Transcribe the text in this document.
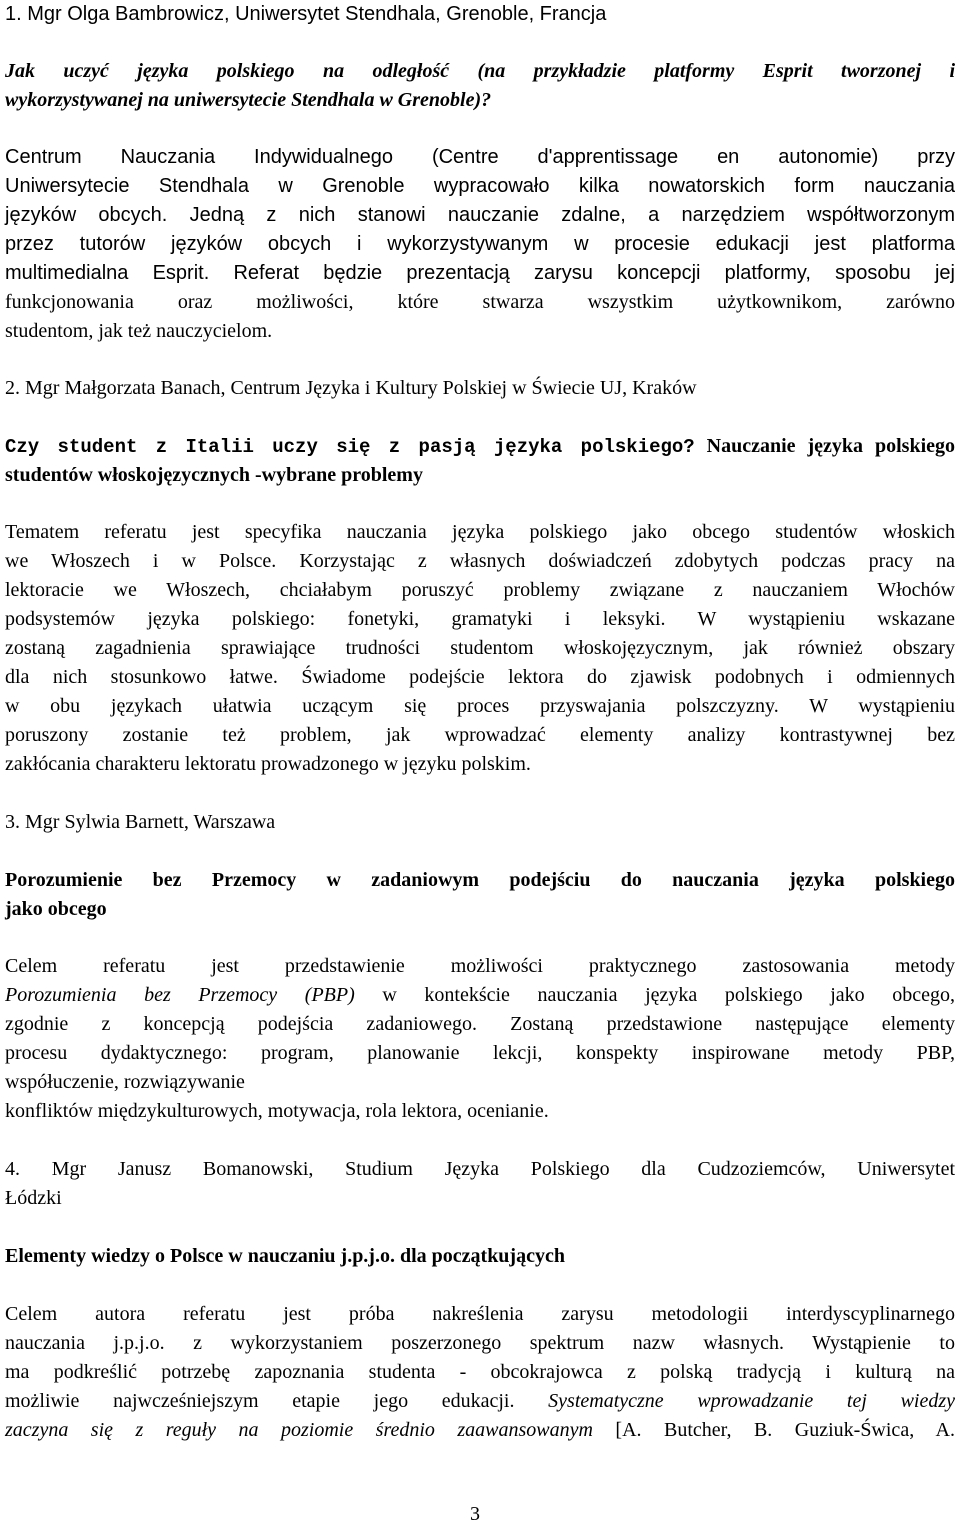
1. Mgr Olga Bambrowicz, Uniwersytet Stendhala, Grenoble, Francja
Jak uczyć języka polskiego na odległość (na przykładzie platformy Esprit tworzonej i
wykorzystywanej na uniwersytecie Stendhala w Grenoble)?
Centrum Nauczania Indywidualnego (Centre d'apprentissage en autonomie) przy
Uniwersytecie Stendhala w Grenoble wypracowało kilka nowatorskich form nauczania
języków obcych. Jedną z nich stanowi nauczanie zdalne, a narzędziem współtworzonym
przez tutorów języków obcych i wykorzystywanym w procesie edukacji jest platforma
multimedialna Esprit. Referat będzie prezentacją zarysu koncepcji platformy, sposobu jej
funkcjonowania oraz możliwości, które stwarza wszystkim użytkownikom, zarówno
studentom, jak też nauczycielom.
2. Mgr Małgorzata Banach, Centrum Języka i Kultury Polskiej w Świecie UJ, Kraków
Czy student z Italii uczy się z pasją języka polskiego? Nauczanie języka polskiego
studentów włoskojęzycznych -wybrane problemy
Tematem referatu jest specyfika nauczania języka polskiego jako obcego studentów włoskich
we Włoszech i w Polsce. Korzystając z własnych doświadczeń zdobytych podczas pracy na
lektoracie we Włoszech, chciałabym poruszyć problemy związane z nauczaniem Włochów
podsystemów języka polskiego: fonetyki, gramatyki i leksyki. W wystąpieniu wskazane
zostaną zagadnienia sprawiające trudności studentom włoskojęzycznym, jak również obszary
dla nich stosunkowo łatwe. Świadome podejście lektora do zjawisk podobnych i odmiennych
w obu językach ułatwia uczącym się proces przyswajania polszczyzny. W wystąpieniu
poruszony zostanie też problem, jak wprowadzać elementy analizy kontrastywnej bez
zakłócania charakteru lektoratu prowadzonego w języku polskim.
3. Mgr Sylwia Barnett, Warszawa
Porozumienie bez Przemocy w zadaniowym podejściu do nauczania języka polskiego
jako obcego
Celem referatu jest przedstawienie możliwości praktycznego zastosowania metody
Porozumienia bez Przemocy (PBP) w kontekście nauczania języka polskiego jako obcego,
zgodnie z koncepcją podejścia zadaniowego. Zostaną przedstawione następujące elementy
procesu dydaktycznego: program, planowanie lekcji, konspekty inspirowane metody PBP,
współuczenie, rozwiązywanie
konfliktów międzykulturowych, motywacja, rola lektora, ocenianie.
4. Mgr Janusz Bomanowski, Studium Języka Polskiego dla Cudzoziemców, Uniwersytet
Łódzki
Elementy wiedzy o Polsce w nauczaniu j.p.j.o. dla początkujących
Celem autora referatu jest próba nakreślenia zarysu metodologii interdyscyplinarnego
nauczania j.p.j.o. z wykorzystaniem poszerzonego spektrum nazw własnych. Wystąpienie to
ma podkreślić potrzebę zapoznania studenta - obcokrajowca z polską tradycją i kulturą na
możliwie najwcześniejszym etapie jego edukacji. Systematyczne wprowadzanie tej wiedzy
zaczyna się z reguły na poziomie średnio zaawansowanym [A. Butcher, B. Guziuk-Świca, A.
3
